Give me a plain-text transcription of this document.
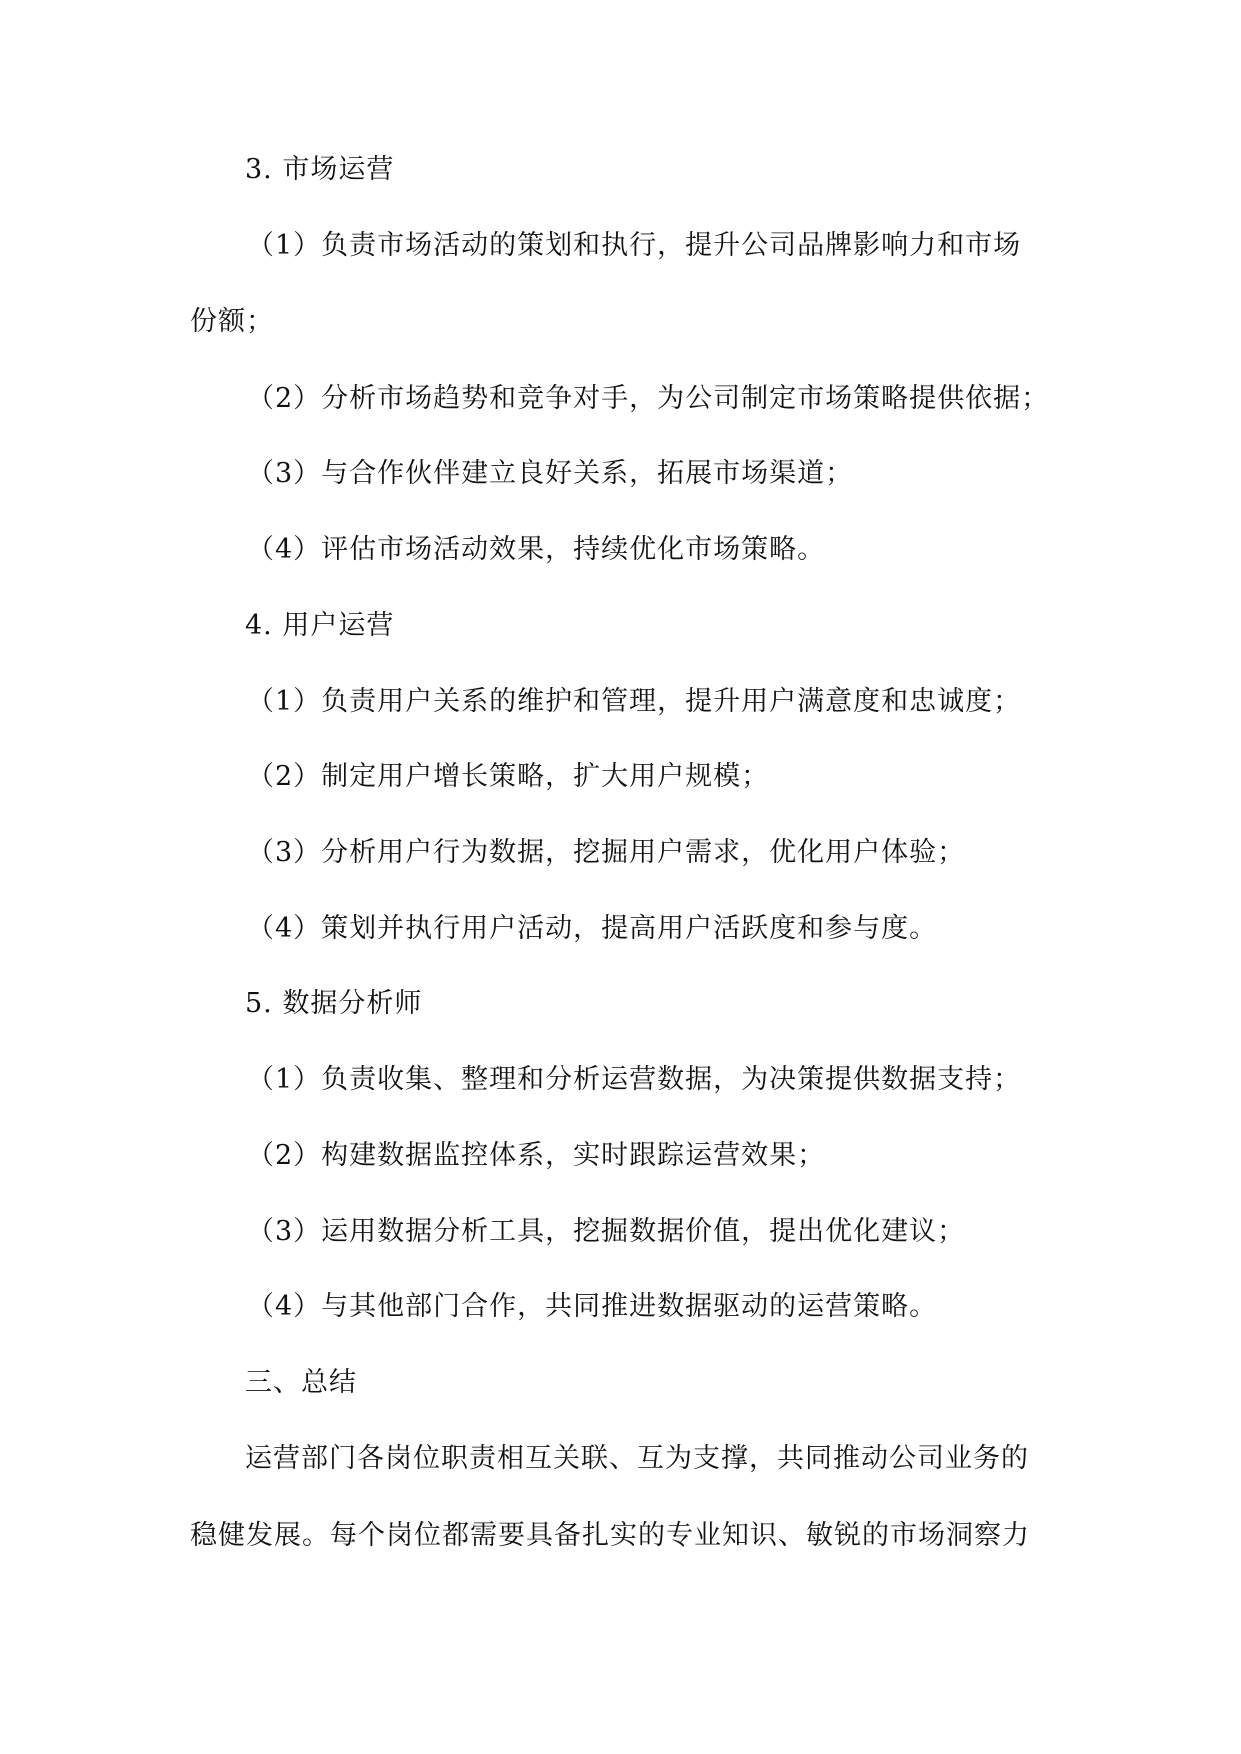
3. 市场运营
（1）负责市场活动的策划和执行，提升公司品牌影响力和市场
份额；
（2）分析市场趋势和竞争对手，为公司制定市场策略提供依据；
（3）与合作伙伴建立良好关系，拓展市场渠道；
（4）评估市场活动效果，持续优化市场策略。
4. 用户运营
（1）负责用户关系的维护和管理，提升用户满意度和忠诚度；
（2）制定用户增长策略，扩大用户规模；
（3）分析用户行为数据，挖掘用户需求，优化用户体验；
（4）策划并执行用户活动，提高用户活跃度和参与度。
5. 数据分析师
（1）负责收集、整理和分析运营数据，为决策提供数据支持；
（2）构建数据监控体系，实时跟踪运营效果；
（3）运用数据分析工具，挖掘数据价值，提出优化建议；
（4）与其他部门合作，共同推进数据驱动的运营策略。
三、总结
运营部门各岗位职责相互关联、互为支撑，共同推动公司业务的
稳健发展。每个岗位都需要具备扎实的专业知识、敏锐的市场洞察力
